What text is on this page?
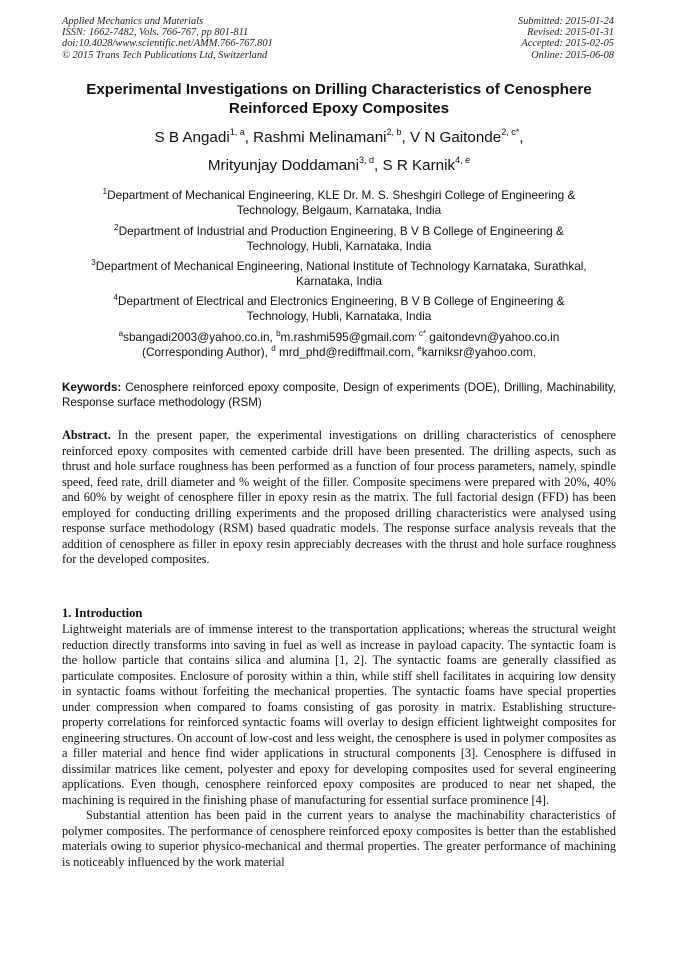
Applied Mechanics and Materials
ISSN: 1662-7482, Vols. 766-767, pp 801-811
doi:10.4028/www.scientific.net/AMM.766-767.801
© 2015 Trans Tech Publications Ltd, Switzerland
Submitted: 2015-01-24
Revised: 2015-01-31
Accepted: 2015-02-05
Online: 2015-06-08
Experimental Investigations on Drilling Characteristics of Cenosphere
Reinforced Epoxy Composites
S B Angadi$^{1, a}$, Rashmi Melinamani$^{2, b}$, V N Gaitonde$^{2, c*}$,
Mrityunjay Doddamani$^{3, d}$, S R Karnik$^{4, e}$
$^1$Department of Mechanical Engineering, KLE Dr. M. S. Sheshgiri College of Engineering &
Technology, Belgaum, Karnataka, India
$^2$Department of Industrial and Production Engineering, B V B College of Engineering &
Technology, Hubli, Karnataka, India
$^3$Department of Mechanical Engineering, National Institute of Technology Karnataka, Surathkal,
Karnataka, India
$^4$Department of Electrical and Electronics Engineering, B V B College of Engineering &
Technology, Hubli, Karnataka, India
$^a$sbangadi2003@yahoo.co.in, $^b$m.rashmi595@gmail.com$^{, c*}$ gaitondevn@yahoo.co.in
(Corresponding Author), $^d$ mrd_phd@rediffmail.com, $^e$karniksr@yahoo.com,
Keywords: Cenosphere reinforced epoxy composite, Design of experiments (DOE), Drilling, Machinability, Response surface methodology (RSM)
Abstract. In the present paper, the experimental investigations on drilling characteristics of cenosphere reinforced epoxy composites with cemented carbide drill have been presented. The drilling aspects, such as thrust and hole surface roughness has been performed as a function of four process parameters, namely, spindle speed, feed rate, drill diameter and % weight of the filler. Composite specimens were prepared with 20%, 40% and 60% by weight of cenosphere filler in epoxy resin as the matrix. The full factorial design (FFD) has been employed for conducting drilling experiments and the proposed drilling characteristics were analysed using response surface methodology (RSM) based quadratic models. The response surface analysis reveals that the addition of cenosphere as filler in epoxy resin appreciably decreases with the thrust and hole surface roughness for the developed composites.
1. Introduction
Lightweight materials are of immense interest to the transportation applications; whereas the structural weight reduction directly transforms into saving in fuel as well as increase in payload capacity. The syntactic foam is the hollow particle that contains silica and alumina [1, 2]. The syntactic foams are generally classified as particulate composites. Enclosure of porosity within a thin, while stiff shell facilitates in acquiring low density in syntactic foams without forfeiting the mechanical properties. The syntactic foams have special properties under compression when compared to foams consisting of gas porosity in matrix. Establishing structure-property correlations for reinforced syntactic foams will overlay to design efficient lightweight composites for engineering structures. On account of low-cost and less weight, the cenosphere is used in polymer composites as a filler material and hence find wider applications in structural components [3]. Cenosphere is diffused in dissimilar matrices like cement, polyester and epoxy for developing composites used for several engineering applications. Even though, cenosphere reinforced epoxy composites are produced to near net shaped, the machining is required in the finishing phase of manufacturing for essential surface prominence [4].
Substantial attention has been paid in the current years to analyse the machinability characteristics of polymer composites. The performance of cenosphere reinforced epoxy composites is better than the established materials owing to superior physico-mechanical and thermal properties. The greater performance of machining is noticeably influenced by the work material
